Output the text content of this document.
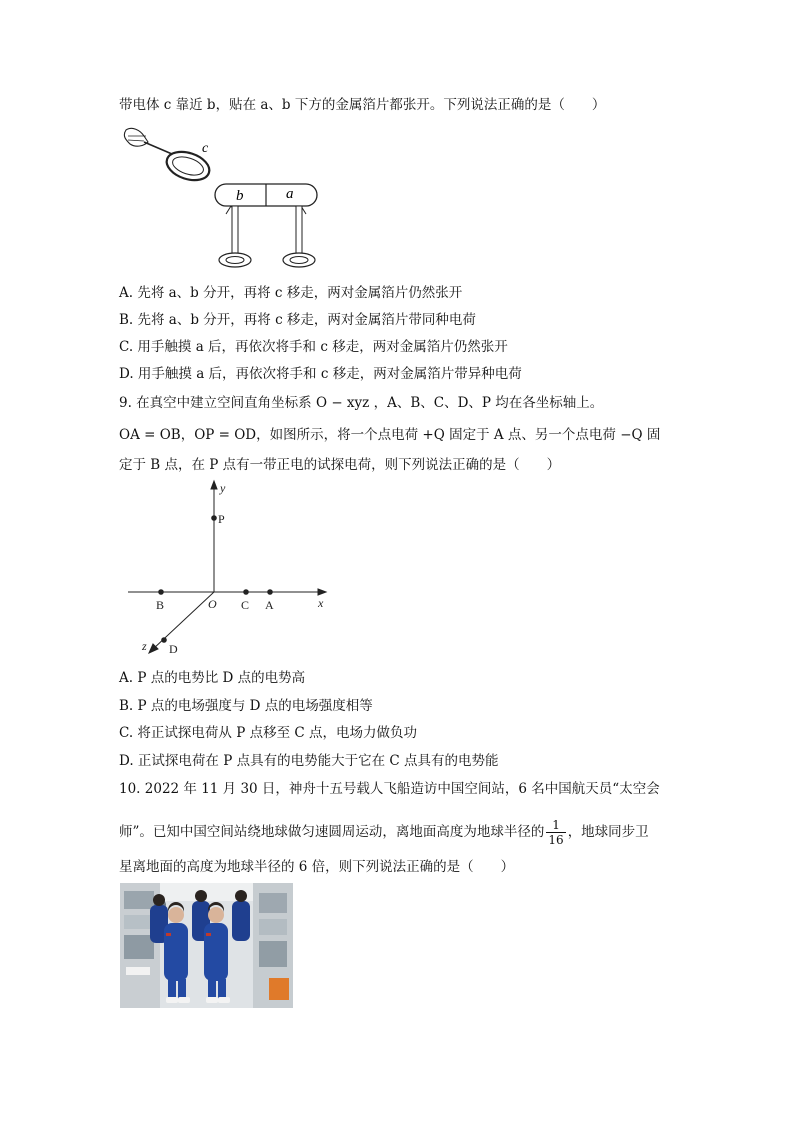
带电体 c 靠近 b，贴在 a、b 下方的金属箔片都张开。下列说法正确的是（　　）
c
b	a
A. 先将 a、b 分开，再将 c 移走，两对金属箔片仍然张开
B. 先将 a、b 分开，再将 c 移走，两对金属箔片带同种电荷
C. 用手触摸 a 后，再依次将手和 c 移走，两对金属箔片仍然张开
D. 用手触摸 a 后，再依次将手和 c 移走，两对金属箔片带异种电荷
9. 在真空中建立空间直角坐标系 O − xyz ，A、B、C、D、P 均在各坐标轴上。
OA = OB，OP = OD，如图所示，将一个点电荷 +Q 固定于 A 点、另一个点电荷 −Q 固
定于 B 点，在 P 点有一带正电的试探电荷，则下列说法正确的是（　　）
y
P
x
O
B	C A
z D
A. P 点的电势比 D 点的电势高
B. P 点的电场强度与 D 点的电场强度相等
C. 将正试探电荷从 P 点移至 C 点，电场力做负功
D. 正试探电荷在 P 点具有的电势能大于它在 C 点具有的电势能
10. 2022 年 11 月 30 日，神舟十五号载人飞船造访中国空间站，6 名中国航天员“太空会
师”。已知中国空间站绕地球做匀速圆周运动，离地面高度为地球半径的 $\frac{1}{16}$ ，地球同步卫
星离地面的高度为地球半径的 6 倍，则下列说法正确的是（　　）
